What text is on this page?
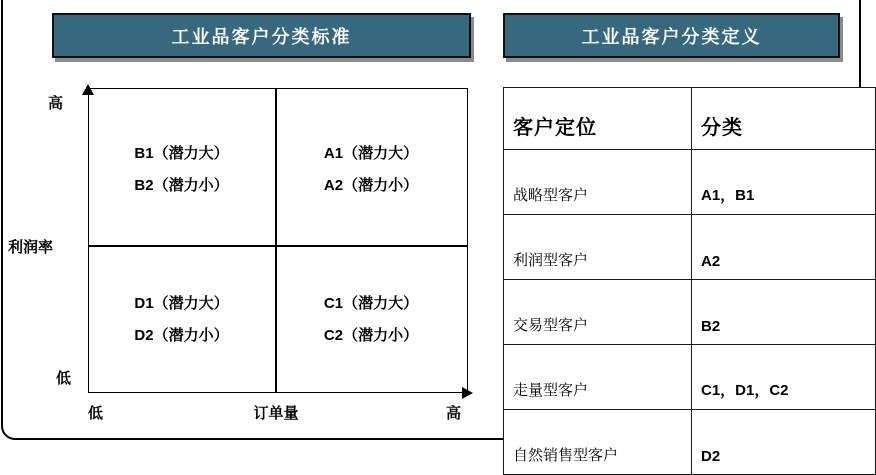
工业品客户分类标准	工业品客户分类定义
高
利润率
低
低	订单量	高
B1（潜力大）
B2（潜力小）
A1（潜力大）
A2（潜力小）
D1（潜力大）
D2（潜力小）
C1（潜力大）
C2（潜力小）
客户定位	分类
战略型客户	A1，B1
利润型客户	A2
交易型客户	B2
走量型客户	C1，D1，C2
自然销售型客户	D2
